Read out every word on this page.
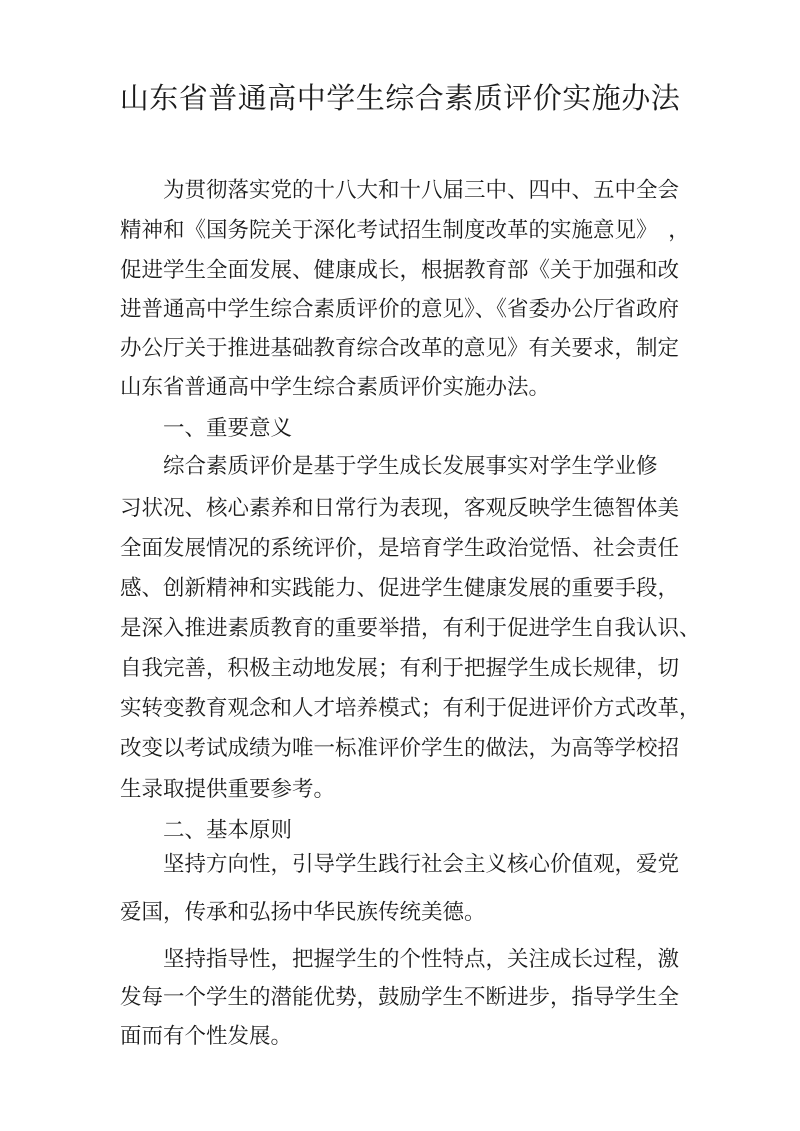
山东省普通高中学生综合素质评价实施办法
为贯彻落实党的十八大和十八届三中、四中、五中全会
精神和《国务院关于深化考试招生制度改革的实施意见》　，
促进学生全面发展、健康成长，根据教育部《关于加强和改
进普通高中学生综合素质评价的意见》、《省委办公厅省政府
办公厅关于推进基础教育综合改革的意见》有关要求，制定
山东省普通高中学生综合素质评价实施办法。
一、重要意义
综合素质评价是基于学生成长发展事实对学生学业修
习状况、核心素养和日常行为表现，客观反映学生德智体美
全面发展情况的系统评价，是培育学生政治觉悟、社会责任
感、创新精神和实践能力、促进学生健康发展的重要手段，
是深入推进素质教育的重要举措，有利于促进学生自我认识、
自我完善，积极主动地发展；有利于把握学生成长规律，切
实转变教育观念和人才培养模式；有利于促进评价方式改革，
改变以考试成绩为唯一标准评价学生的做法，为高等学校招
生录取提供重要参考。
二、基本原则
坚持方向性，引导学生践行社会主义核心价值观，爱党
爱国，传承和弘扬中华民族传统美德。
坚持指导性，把握学生的个性特点，关注成长过程，激
发每一个学生的潜能优势，鼓励学生不断进步，指导学生全
面而有个性发展。
